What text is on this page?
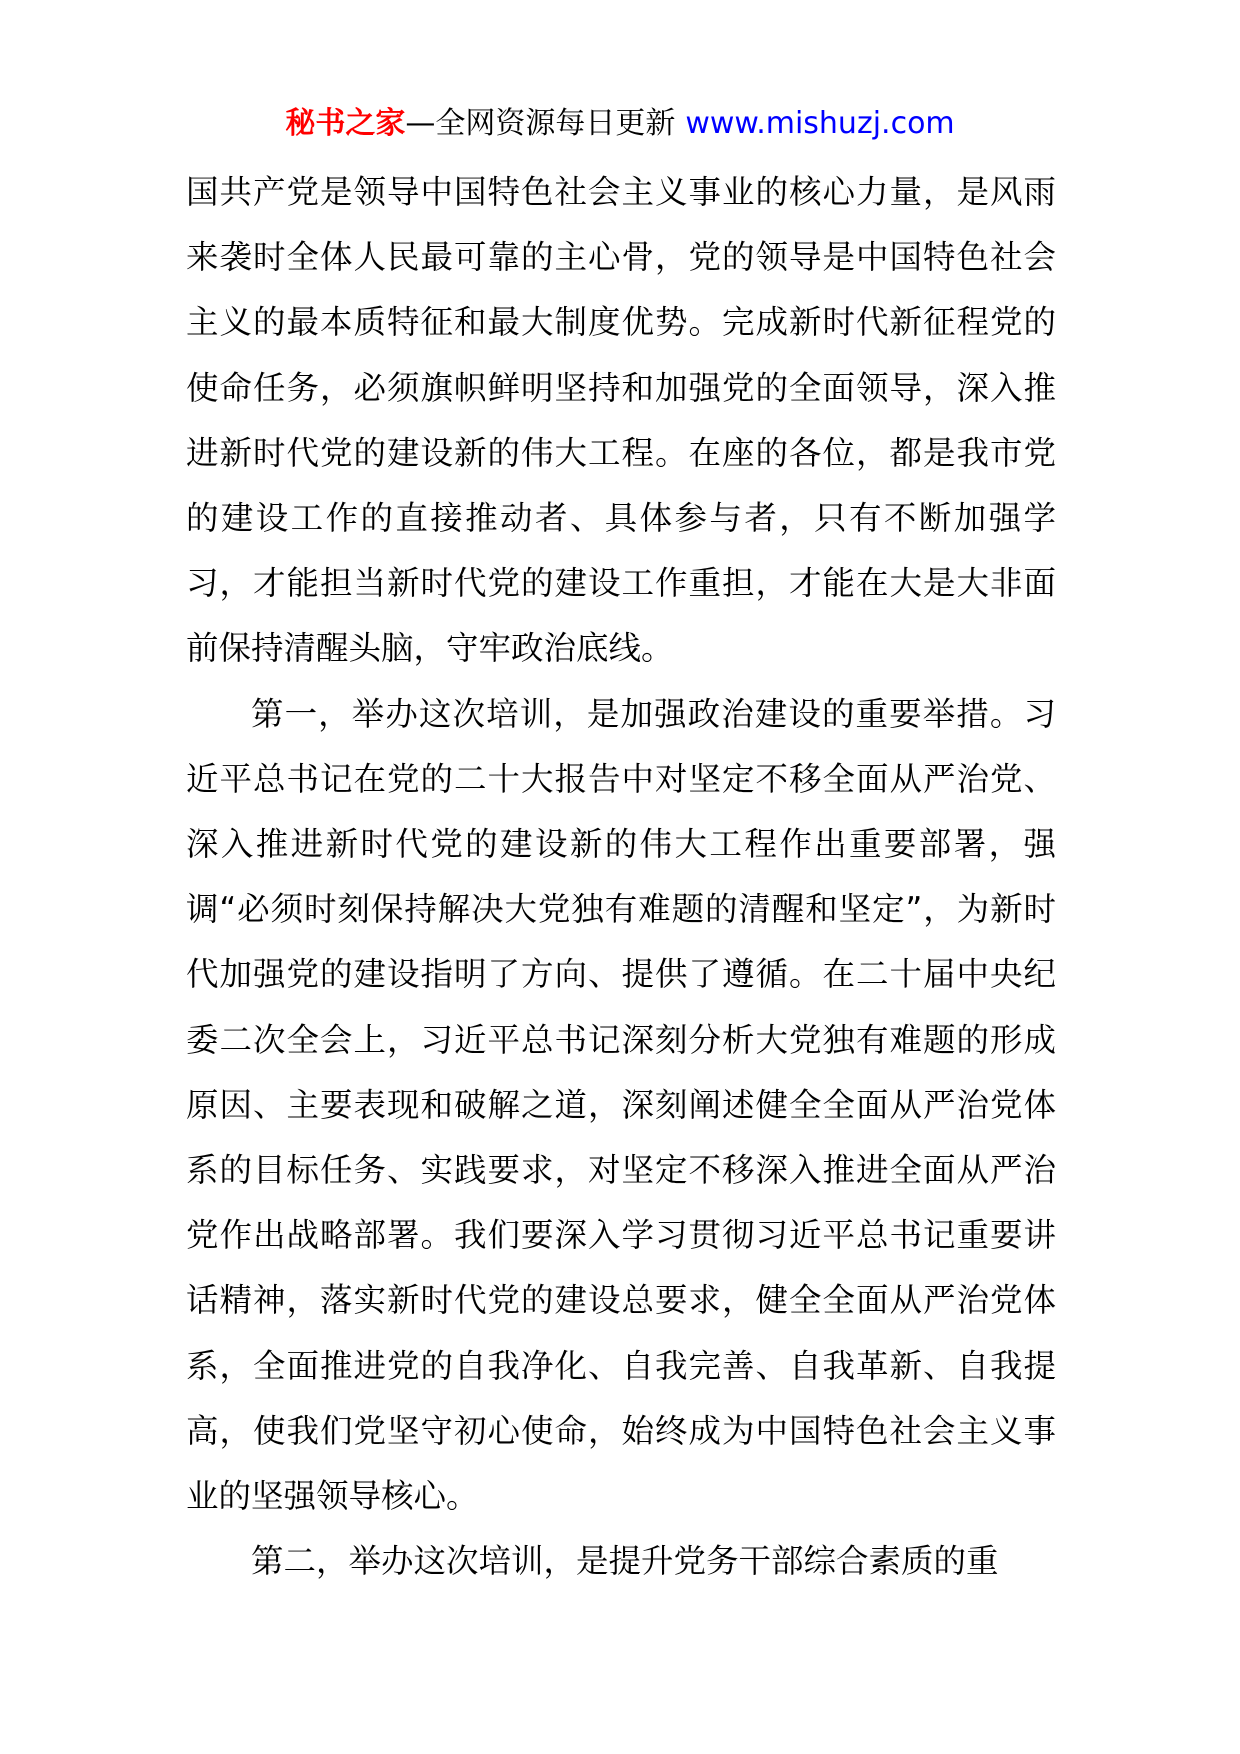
秘书之家—全网资源每日更新 www.mishuzj.com

国共产党是领导中国特色社会主义事业的核心力量，是风雨来袭时全体人民最可靠的主心骨，党的领导是中国特色社会主义的最本质特征和最大制度优势。完成新时代新征程党的使命任务，必须旗帜鲜明坚持和加强党的全面领导，深入推进新时代党的建设新的伟大工程。在座的各位，都是我市党的建设工作的直接推动者、具体参与者，只有不断加强学习，才能担当新时代党的建设工作重担，才能在大是大非面前保持清醒头脑，守牢政治底线。

第一，举办这次培训，是加强政治建设的重要举措。习近平总书记在党的二十大报告中对坚定不移全面从严治党、深入推进新时代党的建设新的伟大工程作出重要部署，强调“必须时刻保持解决大党独有难题的清醒和坚定”，为新时代加强党的建设指明了方向、提供了遵循。在二十届中央纪委二次全会上，习近平总书记深刻分析大党独有难题的形成原因、主要表现和破解之道，深刻阐述健全全面从严治党体系的目标任务、实践要求，对坚定不移深入推进全面从严治党作出战略部署。我们要深入学习贯彻习近平总书记重要讲话精神，落实新时代党的建设总要求，健全全面从严治党体系，全面推进党的自我净化、自我完善、自我革新、自我提高，使我们党坚守初心使命，始终成为中国特色社会主义事业的坚强领导核心。

第二，举办这次培训，是提升党务干部综合素质的重
